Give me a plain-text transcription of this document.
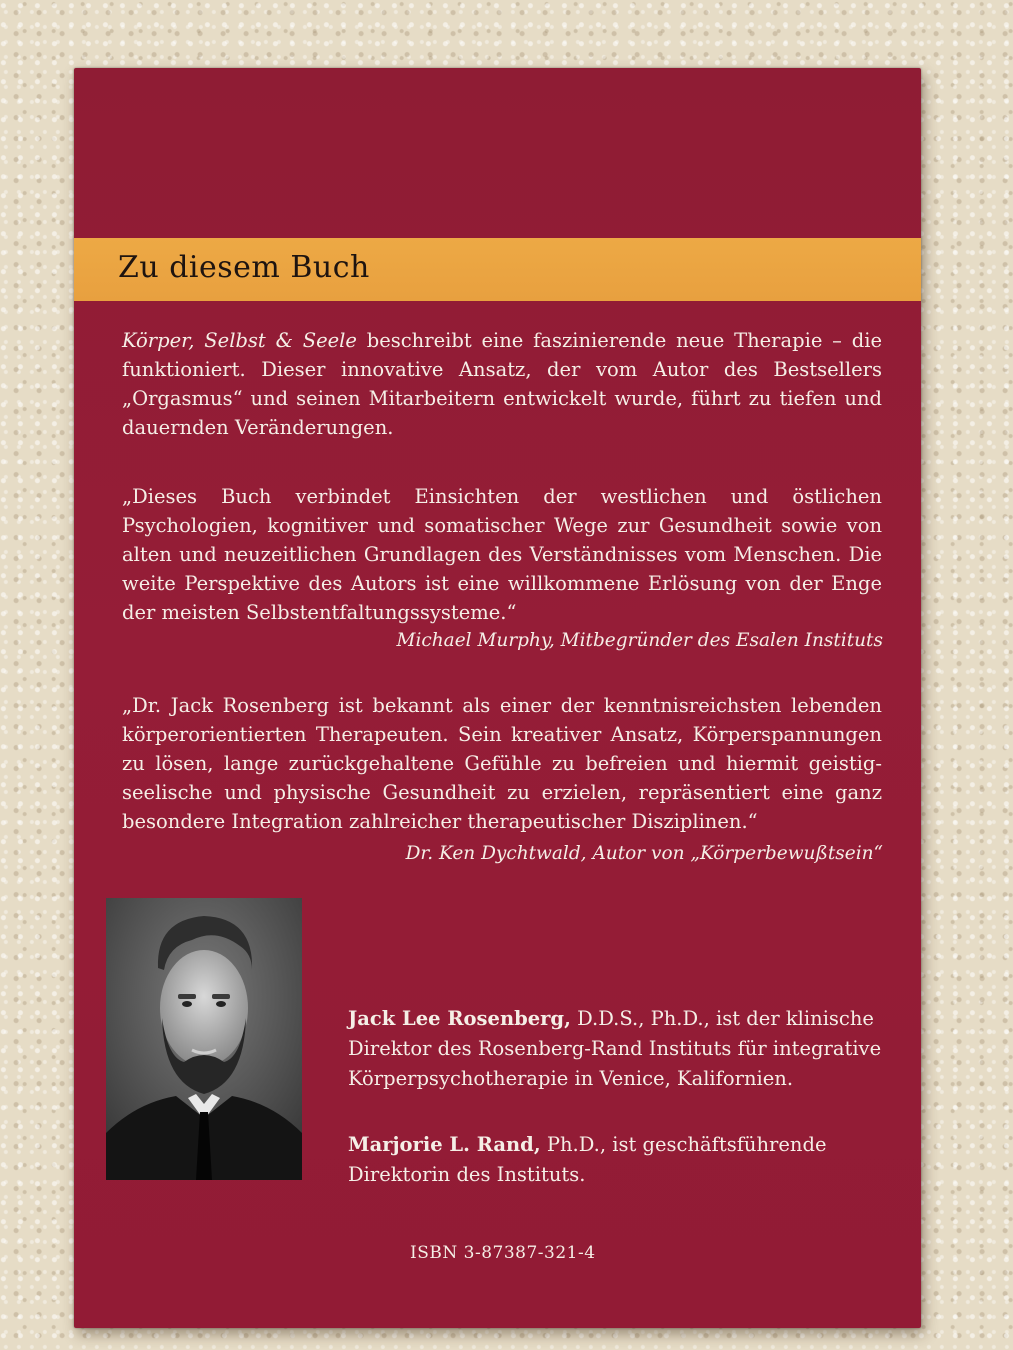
Zu diesem Buch
Körper, Selbst & Seele beschreibt eine faszinierende neue Therapie – die funktioniert. Dieser innovative Ansatz, der vom Autor des Bestsellers „Orgasmus“ und seinen Mitarbeitern entwickelt wurde, führt zu tiefen und dauernden Veränderungen.
„Dieses Buch verbindet Einsichten der westlichen und östlichen Psychologien, kognitiver und somatischer Wege zur Gesundheit sowie von alten und neuzeitlichen Grundlagen des Verständnisses vom Menschen. Die weite Perspektive des Autors ist eine willkommene Erlösung von der Enge der meisten Selbstentfaltungssysteme.“
Michael Murphy, Mitbegründer des Esalen Instituts
„Dr. Jack Rosenberg ist bekannt als einer der kenntnisreichsten lebenden körperorientierten Therapeuten. Sein kreativer Ansatz, Körperspannungen zu lösen, lange zurückgehaltene Gefühle zu befreien und hiermit geistig-seelische und physische Gesundheit zu erzielen, repräsentiert eine ganz besondere Integration zahlreicher therapeutischer Disziplinen.“
Dr. Ken Dychtwald, Autor von „Körperbewußtsein“
Jack Lee Rosenberg, D.D.S., Ph.D., ist der klinische Direktor des Rosenberg-Rand Instituts für integrative Körperpsychotherapie in Venice, Kalifornien.
Marjorie L. Rand, Ph.D., ist geschäftsführende Direktorin des Instituts.
ISBN 3-87387-321-4
